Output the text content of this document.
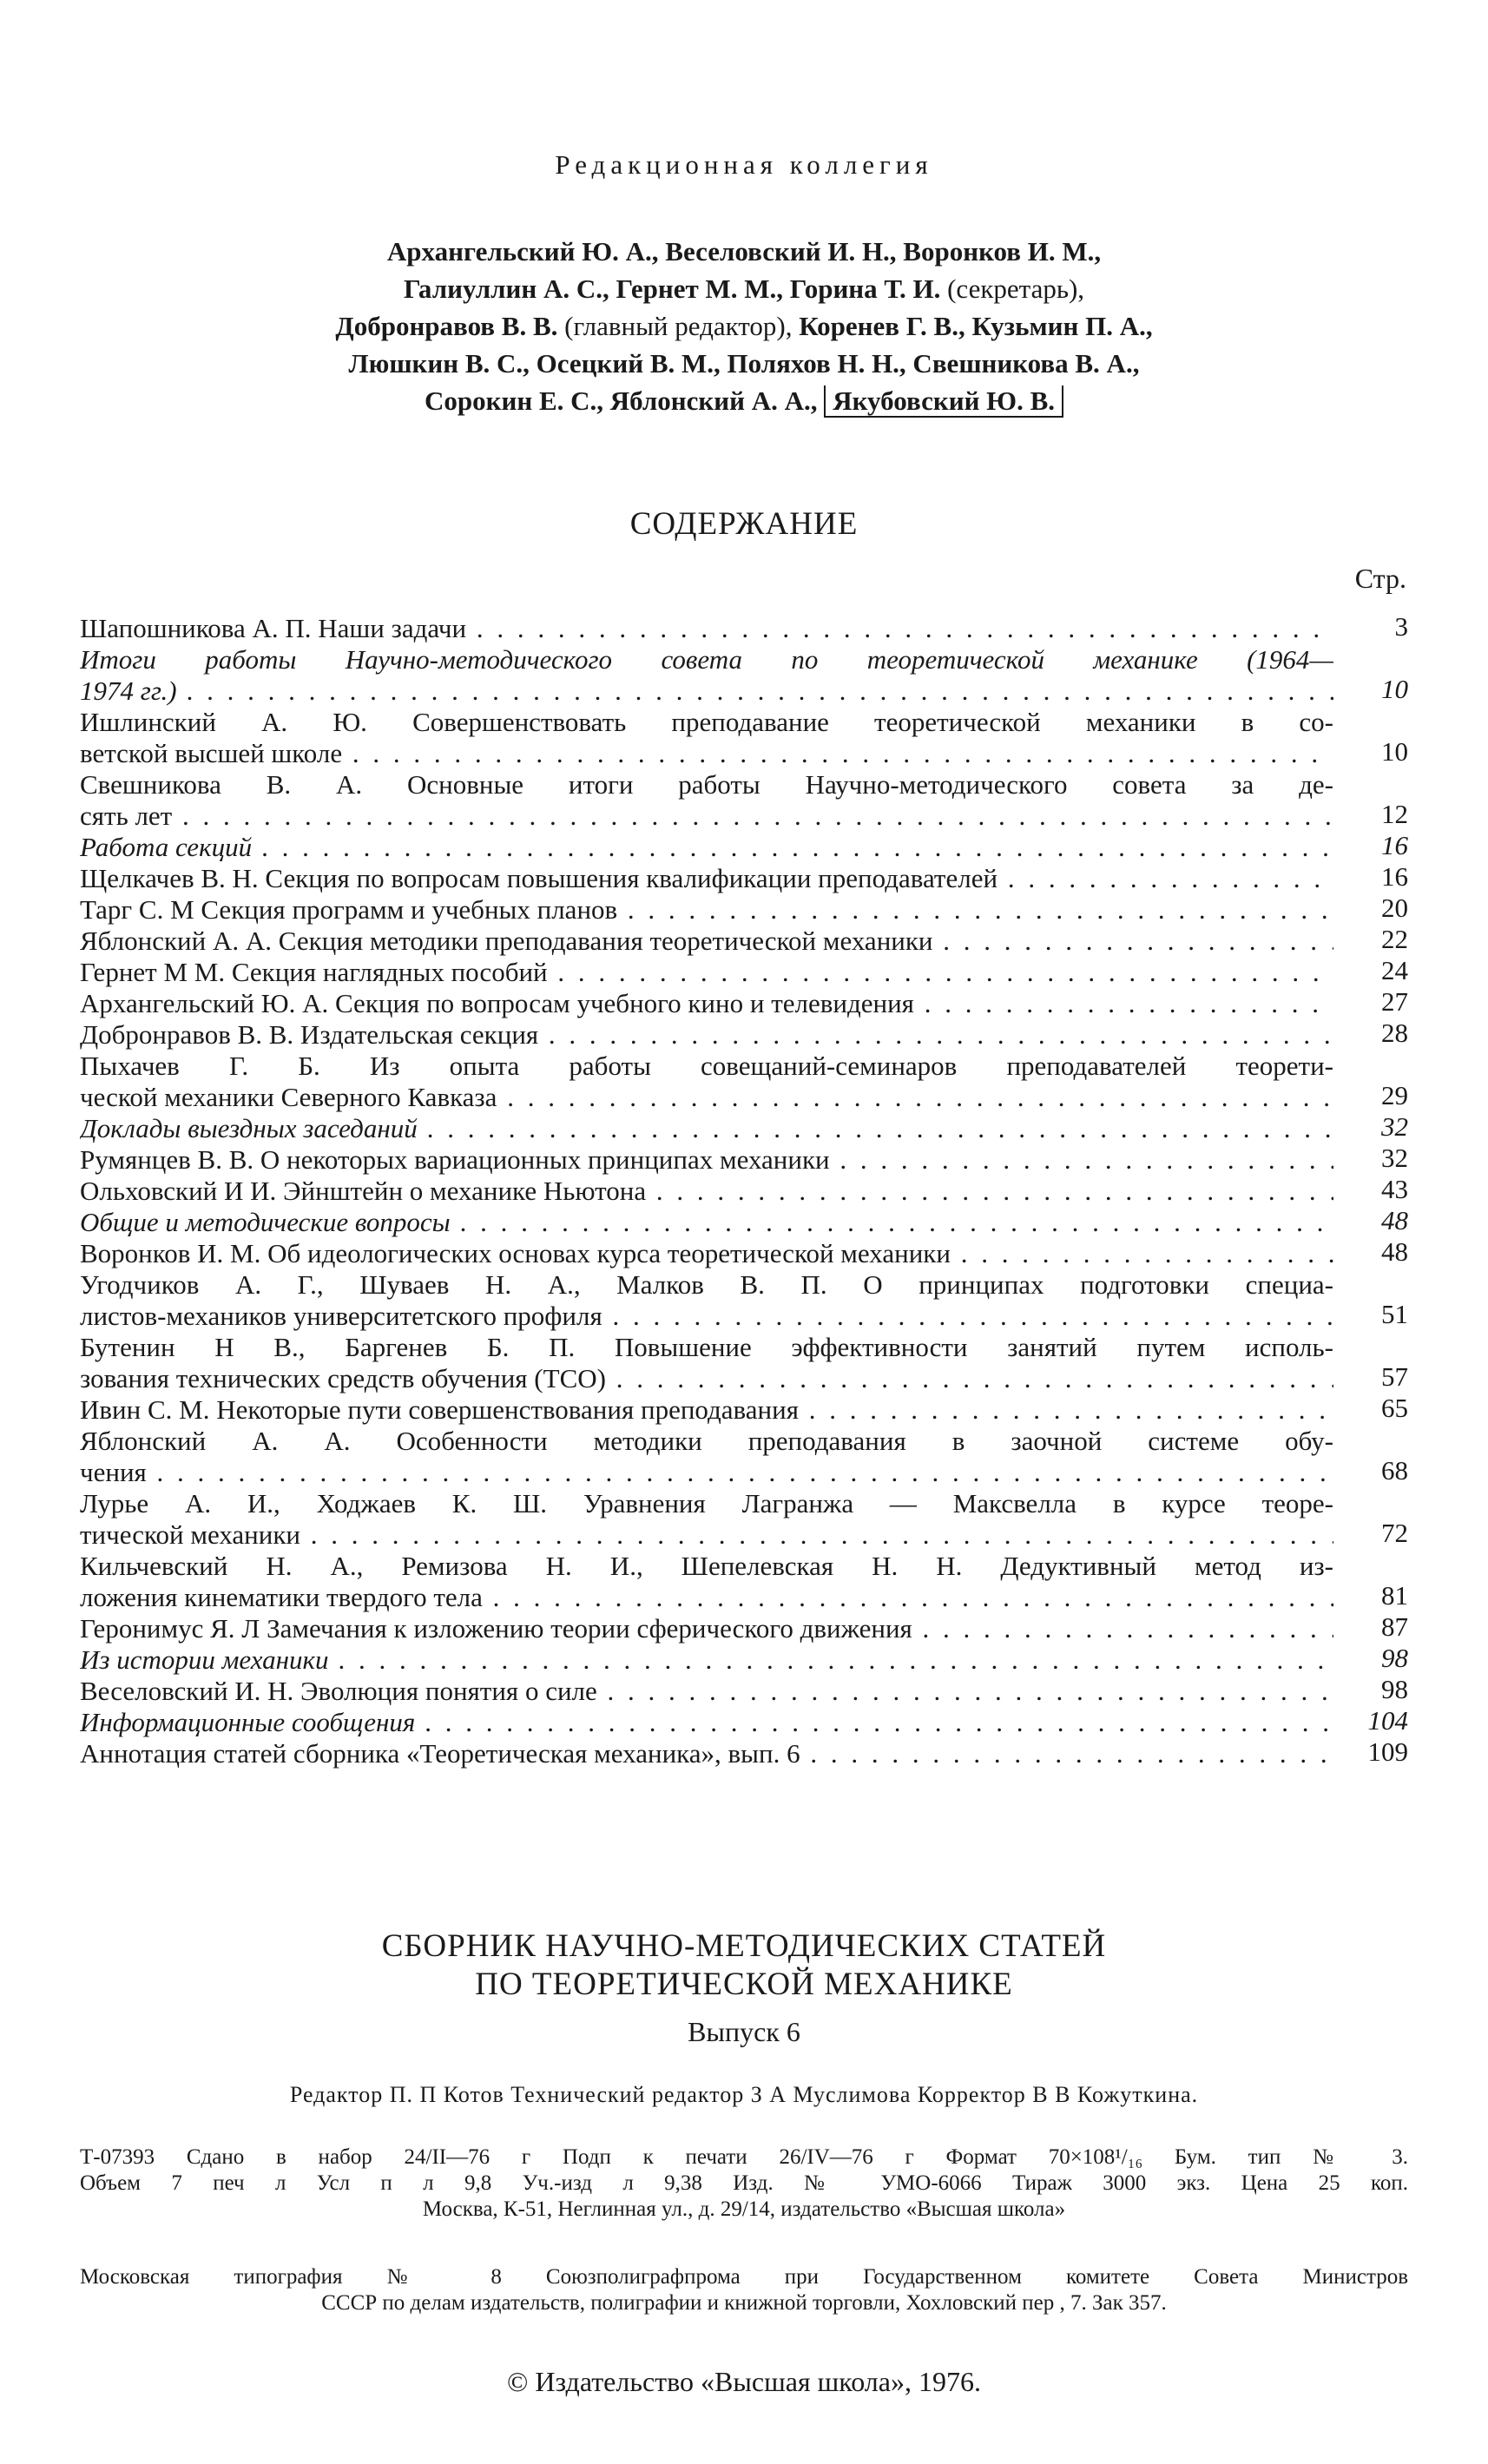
Редакционная коллегия
Архангельский Ю. А., Веселовский И. Н., Воронков И. М.,
Галиуллин А. С., Гернет М. М., Горина Т. И. (секретарь),
Добронравов В. В. (главный редактор), Коренев Г. В., Кузьмин П. А.,
Люшкин В. С., Осецкий В. М., Поляхов Н. Н., Свешникова В. А.,
Сорокин Е. С., Яблонский А. А., Якубовский Ю. В.
СОДЕРЖАНИЕ
Стр.
Шапошникова А. П. Наши задачи . . .	3
Итоги работы Научно-методического совета по теоретической механике (1964—
1974 гг.) . . .	10
Ишлинский А. Ю. Совершенствовать преподавание теоретической механики в со-
ветской высшей школе . . .	10
Свешникова В. А. Основные итоги работы Научно-методического совета за де-
сять лет . . .	12
Работа секций . . .	16
Щелкачев В. Н. Секция по вопросам повышения квалификации преподавателей . . .	16
Тарг С. М Секция программ и учебных планов . . .	20
Яблонский А. А. Секция методики преподавания теоретической механики . . .	22
Гернет М М. Секция наглядных пособий . . .	24
Архангельский Ю. А. Секция по вопросам учебного кино и телевидения . . .	27
Добронравов В. В. Издательская секция . . .	28
Пыхачев Г. Б. Из опыта работы совещаний-семинаров преподавателей теорети-
ческой механики Северного Кавказа . . .	29
Доклады выездных заседаний . . .	32
Румянцев В. В. О некоторых вариационных принципах механики . . .	32
Ольховский И И. Эйнштейн о механике Ньютона . . .	43
Общие и методические вопросы . . .	48
Воронков И. М. Об идеологических основах курса теоретической механики . . .	48
Угодчиков А. Г., Шуваев Н. А., Малков В. П. О принципах подготовки специа-
листов-механиков университетского профиля . . .	51
Бутенин Н В., Баргенев Б. П. Повышение эффективности занятий путем исполь-
зования технических средств обучения (ТСО) . . .	57
Ивин С. М. Некоторые пути совершенствования преподавания . . .	65
Яблонский А. А. Особенности методики преподавания в заочной системе обу-
чения . . .	68
Лурье А. И., Ходжаев К. Ш. Уравнения Лагранжа — Максвелла в курсе теоре-
тической механики . . .	72
Кильчевский Н. А., Ремизова Н. И., Шепелевская Н. Н. Дедуктивный метод из-
ложения кинематики твердого тела . . .	81
Геронимус Я. Л Замечания к изложению теории сферического движения . . .	87
Из истории механики . . .	98
Веселовский И. Н. Эволюция понятия о силе . . .	98
Информационные сообщения . . .	104
Аннотация статей сборника «Теоретическая механика», вып. 6 . . .	109
СБОРНИК НАУЧНО-МЕТОДИЧЕСКИХ СТАТЕЙ
ПО ТЕОРЕТИЧЕСКОЙ МЕХАНИКЕ
Выпуск 6
Редактор П. П Котов Технический редактор З А Муслимова Корректор В В Кожуткина.
Т-07393 Сдано в набор 24/II—76 г Подп к печати 26/IV—76 г Формат 70×108¹/₁₆ Бум. тип № 3.
Объем 7 печ л Усл п л 9,8 Уч.-изд л 9,38 Изд. № УМО-6066 Тираж 3000 экз. Цена 25 коп.
Москва, К-51, Неглинная ул., д. 29/14, издательство «Высшая школа»
Московская типография № 8 Союзполиграфпрома при Государственном комитете Совета Министров
СССР по делам издательств, полиграфии и книжной торговли, Хохловский пер , 7. Зак 357.
© Издательство «Высшая школа», 1976.
